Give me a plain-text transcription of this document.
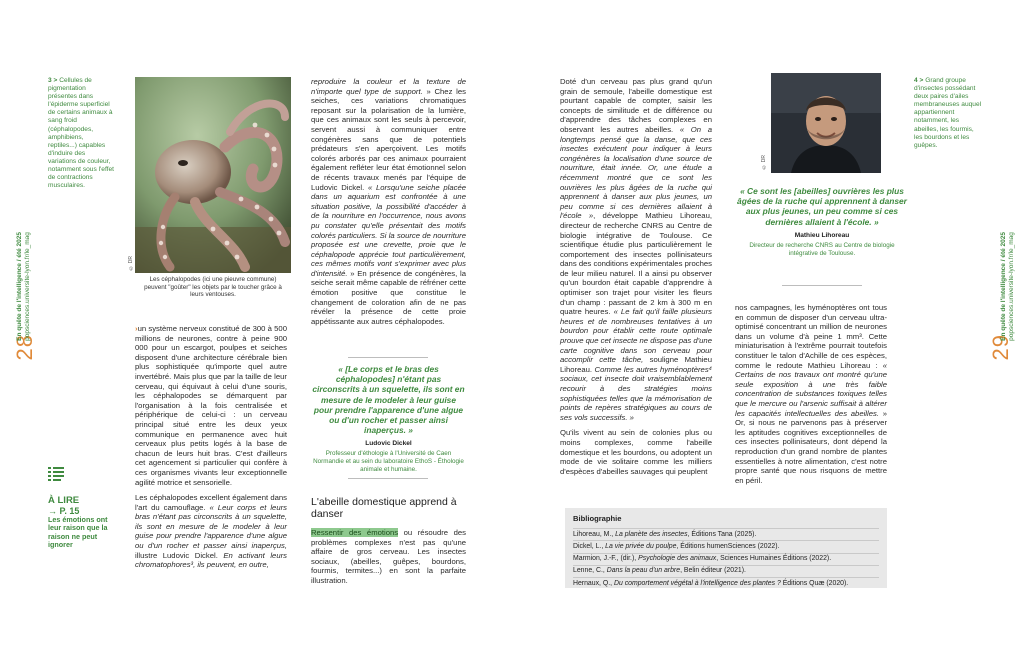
28
En quête de l'intelligence / été 2025
popsciences.universite-lyon.fr/le_mag
3 > Cellules de pigmentation présentes dans l'épiderme superficiel de certains animaux à sang froid (céphalopodes, amphibiens, reptiles...) capables d'induire des variations de couleur, notamment sous l'effet de contractions musculaires.
© DR
Les céphalopodes (ici une pieuvre commune) peuvent "goûter" les objets par le toucher grâce à leurs ventouses.
À LIRE
→ P. 15
Les émotions ont leur raison que la raison ne peut ignorer

›un système nerveux constitué de 300 à 500 millions de neurones, contre à peine 900 000 pour un escargot, poulpes et seiches disposent d'une architecture cérébrale bien plus sophistiquée qu'importe quel autre invertébré. Mais plus que par la taille de leur cerveau, qui équivaut à celui d'une souris, les céphalopodes se démarquent par l'organisation à la fois centralisée et périphérique de celui-ci : un cerveau principal situé entre les deux yeux communique en permanence avec huit cerveaux plus petits logés à la base de chacun de leurs huit bras. C'est d'ailleurs cet agencement si particulier qui confère à ces organismes vivants leur exceptionnelle agilité motrice et sensorielle.

Les céphalopodes excellent également dans l'art du camouflage. « Leur corps et leurs bras n'étant pas circonscrits à un squelette, ils sont en mesure de le modeler à leur guise pour prendre l'apparence d'une algue ou d'un rocher et passer ainsi inaperçus, illustre Ludovic Dickel. En activant leurs chromatophores³, ils peuvent, en outre,

reproduire la couleur et la texture de n'importe quel type de support. » Chez les seiches, ces variations chromatiques reposant sur la polarisation de la lumière, que ces animaux sont les seuls à percevoir, servent aussi à communiquer entre congénères sans que de potentiels prédateurs s'en aperçoivent. Les motifs colorés arborés par ces animaux pourraient également refléter leur état émotionnel selon de récents travaux menés par l'équipe de Ludovic Dickel. « Lorsqu'une seiche placée dans un aquarium est confrontée à une situation positive, la possibilité d'accéder à de la nourriture en l'occurrence, nous avons pu constater qu'elle présentait des motifs colorés particuliers. Si la source de nourriture proposée est une crevette, proie que le céphalopode apprécie tout particulièrement, ces mêmes motifs vont s'exprimer avec plus d'intensité. » En présence de congénères, la seiche serait même capable de réfréner cette émotion positive que constitue le changement de coloration afin de ne pas révéler la présence de cette proie appétissante aux autres céphalopodes.

« [Le corps et le bras des céphalopodes] n'étant pas circonscrits à un squelette, ils sont en mesure de le modeler à leur guise pour prendre l'apparence d'une algue ou d'un rocher et passer ainsi inaperçus. »
Ludovic Dickel
Professeur d'éthologie à l'Université de Caen Normandie et au sein du laboratoire EthoS - Éthologie animale et humaine.
L'abeille domestique apprend à danser

Ressentir des émotions ou résoudre des problèmes complexes n'est pas qu'une affaire de gros cerveau. Les insectes sociaux, (abeilles, guêpes, bourdons, fourmis, termites...) en sont la parfaite illustration.

Doté d'un cerveau pas plus grand qu'un grain de semoule, l'abeille domestique est pourtant capable de compter, saisir les concepts de similitude et de différence ou d'apprendre des tâches complexes en observant les autres abeilles. « On a longtemps pensé que la danse, que ces insectes exécutent pour indiquer à leurs congénères la localisation d'une source de nourriture, était innée. Or, une étude a récemment montré que ce sont les ouvrières les plus âgées de la ruche qui apprennent à danser aux plus jeunes, un peu comme si ces dernières allaient à l'école », développe Mathieu Lihoreau, directeur de recherche CNRS au Centre de biologie intégrative de Toulouse. Ce scientifique étudie plus particulièrement le comportement des insectes pollinisateurs dans des conditions expérimentales proches de leur milieu naturel. Il a ainsi pu observer qu'un bourdon était capable d'apprendre à optimiser son trajet pour visiter les fleurs d'un champ : passant de 2 km à 300 m en quatre heures. « Le fait qu'il faille plusieurs heures et de nombreuses tentatives à un bourdon pour établir cette route optimale prouve que cet insecte ne dispose pas d'une carte cognitive dans son cerveau pour accomplir cette tâche, souligne Mathieu Lihoreau. Comme les autres hyménoptères⁴ sociaux, cet insecte doit vraisemblablement recourir à des stratégies moins sophistiquées telles que la mémorisation de points de repères stratégiques au cours de ses vols successifs. »

Qu'ils vivent au sein de colonies plus ou moins complexes, comme l'abeille domestique et les bourdons, ou adoptent un mode de vie solitaire comme les milliers d'espèces d'abeilles sauvages qui peuplent

© DR
« Ce sont les [abeilles] ouvrières les plus âgées de la ruche qui apprennent à danser aux plus jeunes, un peu comme si ces dernières allaient à l'école. »
Mathieu Lihoreau
Directeur de recherche CNRS au Centre de biologie intégrative de Toulouse.

nos campagnes, les hyménoptères ont tous en commun de disposer d'un cerveau ultra-optimisé concentrant un million de neurones dans un volume d'à peine 1 mm³. Cette miniaturisation à l'extrême pourrait toutefois constituer le talon d'Achille de ces espèces, comme le redoute Mathieu Lihoreau : « Certains de nos travaux ont montré qu'une seule exposition à une très faible concentration de substances toxiques telles que le mercure ou l'arsenic suffisait à altérer les capacités intellectuelles des abeilles. » Or, si nous ne parvenons pas à préserver les aptitudes cognitives exceptionnelles de ces insectes pollinisateurs, dont dépend la reproduction d'un grand nombre de plantes essentielles à notre alimentation, c'est notre propre santé que nous risquons de mettre en péril.

4 > Grand groupe d'insectes possédant deux paires d'ailes membraneuses auquel appartiennent notamment, les abeilles, les fourmis, les bourdons et les guêpes.
29
En quête de l'intelligence / été 2025
popsciences.universite-lyon.fr/le_mag
Bibliographie
Lihoreau, M., La planète des insectes, Éditions Tana (2025).
Dickel, L., La vie privée du poulpe, Éditions humenSciences (2022).
Marmion, J.-F., (dir.), Psychologie des animaux, Sciences Humaines Éditions (2022).
Lenne, C., Dans la peau d'un arbre, Belin éditeur (2021).
Hernaux, Q., Du comportement végétal à l'intelligence des plantes ? Éditions Quæ (2020).
